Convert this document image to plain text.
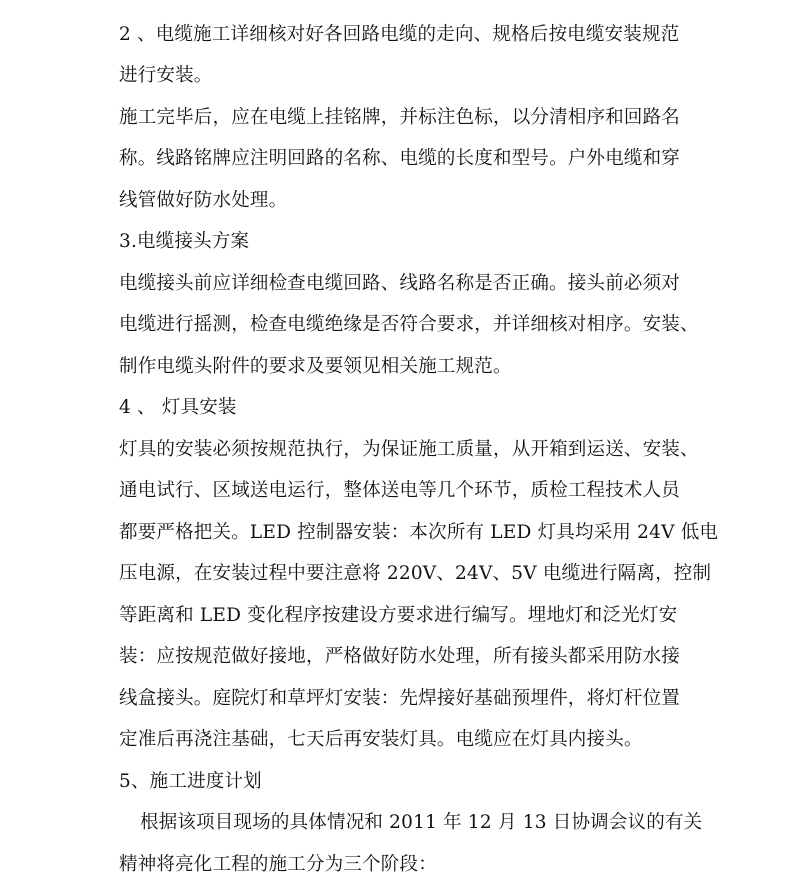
2 、电缆施工详细核对好各回路电缆的走向、规格后按电缆安装规范
进行安装。
施工完毕后，应在电缆上挂铭牌，并标注色标，以分清相序和回路名
称。线路铭牌应注明回路的名称、电缆的长度和型号。户外电缆和穿
线管做好防水处理。
3.电缆接头方案
电缆接头前应详细检查电缆回路、线路名称是否正确。接头前必须对
电缆进行摇测，检查电缆绝缘是否符合要求，并详细核对相序。安装、
制作电缆头附件的要求及要领见相关施工规范。
4 、 灯具安装
灯具的安装必须按规范执行，为保证施工质量，从开箱到运送、安装、
通电试行、区域送电运行，整体送电等几个环节，质检工程技术人员
都要严格把关。LED 控制器安装：本次所有 LED 灯具均采用 24V 低电
压电源，在安装过程中要注意将 220V、24V、5V 电缆进行隔离，控制
等距离和 LED 变化程序按建设方要求进行编写。埋地灯和泛光灯安
装：应按规范做好接地，严格做好防水处理，所有接头都采用防水接
线盒接头。庭院灯和草坪灯安装：先焊接好基础预埋件，将灯杆位置
定准后再浇注基础，七天后再安装灯具。电缆应在灯具内接头。
5、施工进度计划
根据该项目现场的具体情况和 2011 年 12 月 13 日协调会议的有关
精神将亮化工程的施工分为三个阶段：
